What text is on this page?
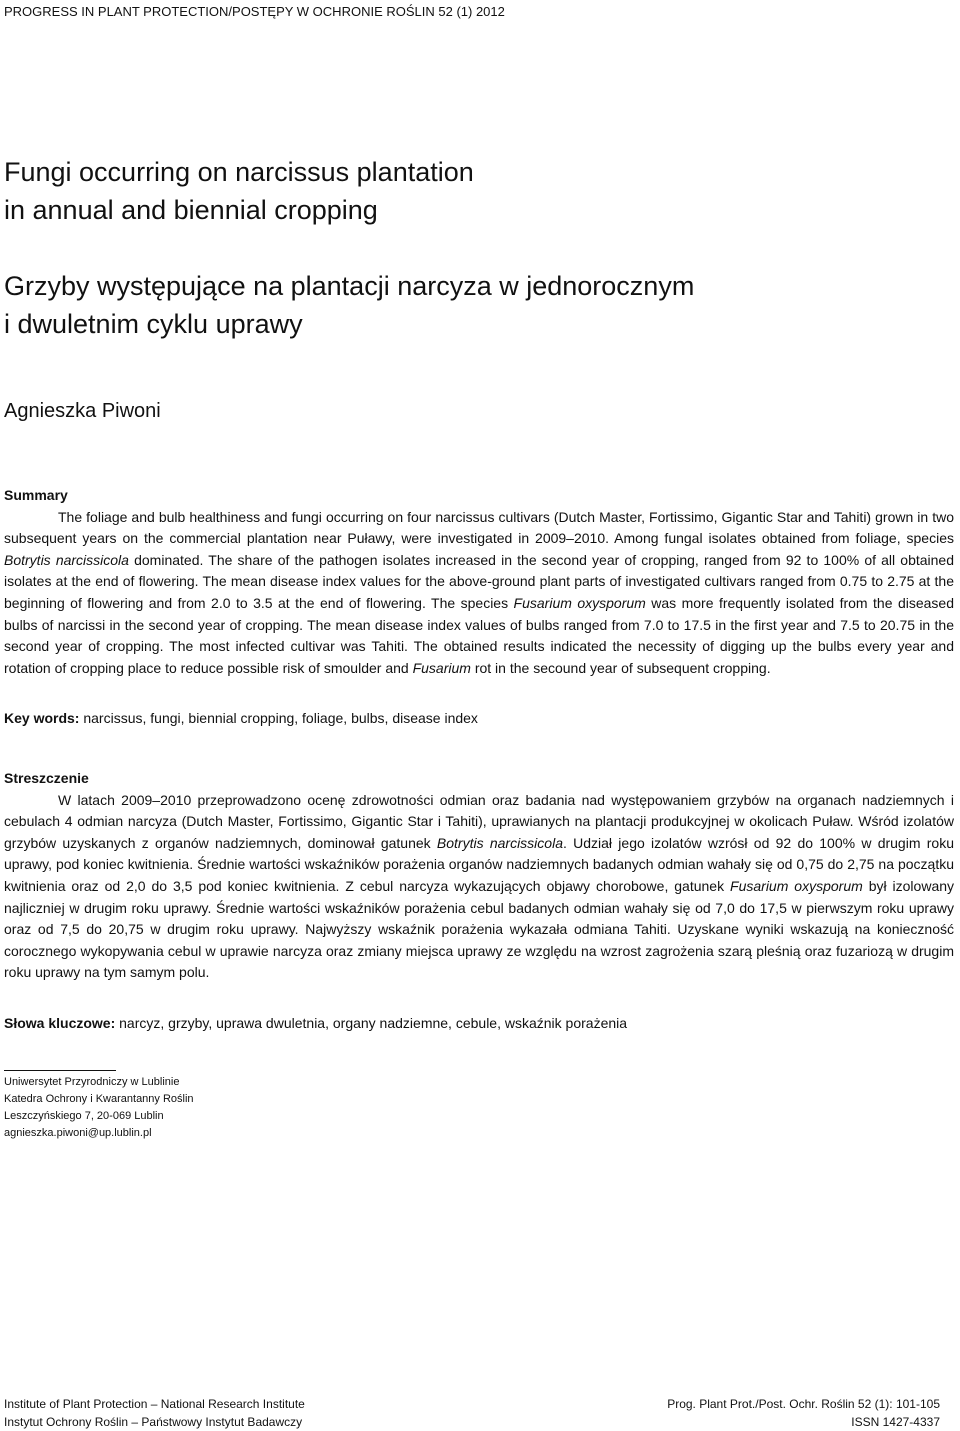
PROGRESS IN PLANT PROTECTION/POSTĘPY W OCHRONIE ROŚLIN 52 (1) 2012
Fungi occurring on narcissus plantation
in annual and biennial cropping
Grzyby występujące na plantacji narcyza w jednorocznym
i dwuletnim cyklu uprawy
Agnieszka Piwoni
Summary

The foliage and bulb healthiness and fungi occurring on four narcissus cultivars (Dutch Master, Fortissimo, Gigantic Star and Tahiti) grown in two subsequent years on the commercial plantation near Puławy, were investigated in 2009–2010. Among fungal isolates obtained from foliage, species Botrytis narcissicola dominated. The share of the pathogen isolates increased in the second year of cropping, ranged from 92 to 100% of all obtained isolates at the end of flowering. The mean disease index values for the above-ground plant parts of investigated cultivars ranged from 0.75 to 2.75 at the beginning of flowering and from 2.0 to 3.5 at the end of flowering. The species Fusarium oxysporum was more frequently isolated from the diseased bulbs of narcissi in the second year of cropping. The mean disease index values of bulbs ranged from 7.0 to 17.5 in the first year and 7.5 to 20.75 in the second year of cropping. The most infected cultivar was Tahiti. The obtained results indicated the necessity of digging up the bulbs every year and rotation of cropping place to reduce possible risk of smoulder and Fusarium rot in the secound year of subsequent cropping.

Key words: narcissus, fungi, biennial cropping, foliage, bulbs, disease index
Streszczenie

W latach 2009–2010 przeprowadzono ocenę zdrowotności odmian oraz badania nad występowaniem grzybów na organach nadziemnych i cebulach 4 odmian narcyza (Dutch Master, Fortissimo, Gigantic Star i Tahiti), uprawianych na plantacji produkcyjnej w okolicach Puław. Wśród izolatów grzybów uzyskanych z organów nadziemnych, dominował gatunek Botrytis narcissicola. Udział jego izolatów wzrósł od 92 do 100% w drugim roku uprawy, pod koniec kwitnienia. Średnie wartości wskaźników porażenia organów nadziemnych badanych odmian wahały się od 0,75 do 2,75 na początku kwitnienia oraz od 2,0 do 3,5 pod koniec kwitnienia. Z cebul narcyza wykazujących objawy chorobowe, gatunek Fusarium oxysporum był izolowany najliczniej w drugim roku uprawy. Średnie wartości wskaźników porażenia cebul badanych odmian wahały się od 7,0 do 17,5 w pierwszym roku uprawy oraz od 7,5 do 20,75 w drugim roku uprawy. Najwyższy wskaźnik porażenia wykazała odmiana Tahiti. Uzyskane wyniki wskazują na konieczność corocznego wykopywania cebul w uprawie narcyza oraz zmiany miejsca uprawy ze względu na wzrost zagrożenia szarą pleśnią oraz fuzariozą w drugim roku uprawy na tym samym polu.

Słowa kluczowe: narcyz, grzyby, uprawa dwuletnia, organy nadziemne, cebule, wskaźnik porażenia
Uniwersytet Przyrodniczy w Lublinie
Katedra Ochrony i Kwarantanny Roślin
Leszczyńskiego 7, 20-069 Lublin
agnieszka.piwoni@up.lublin.pl
Institute of Plant Protection – National Research Institute
Instytut Ochrony Roślin – Państwowy Instytut Badawczy
Prog. Plant Prot./Post. Ochr. Roślin 52 (1): 101-105
ISSN 1427-4337
